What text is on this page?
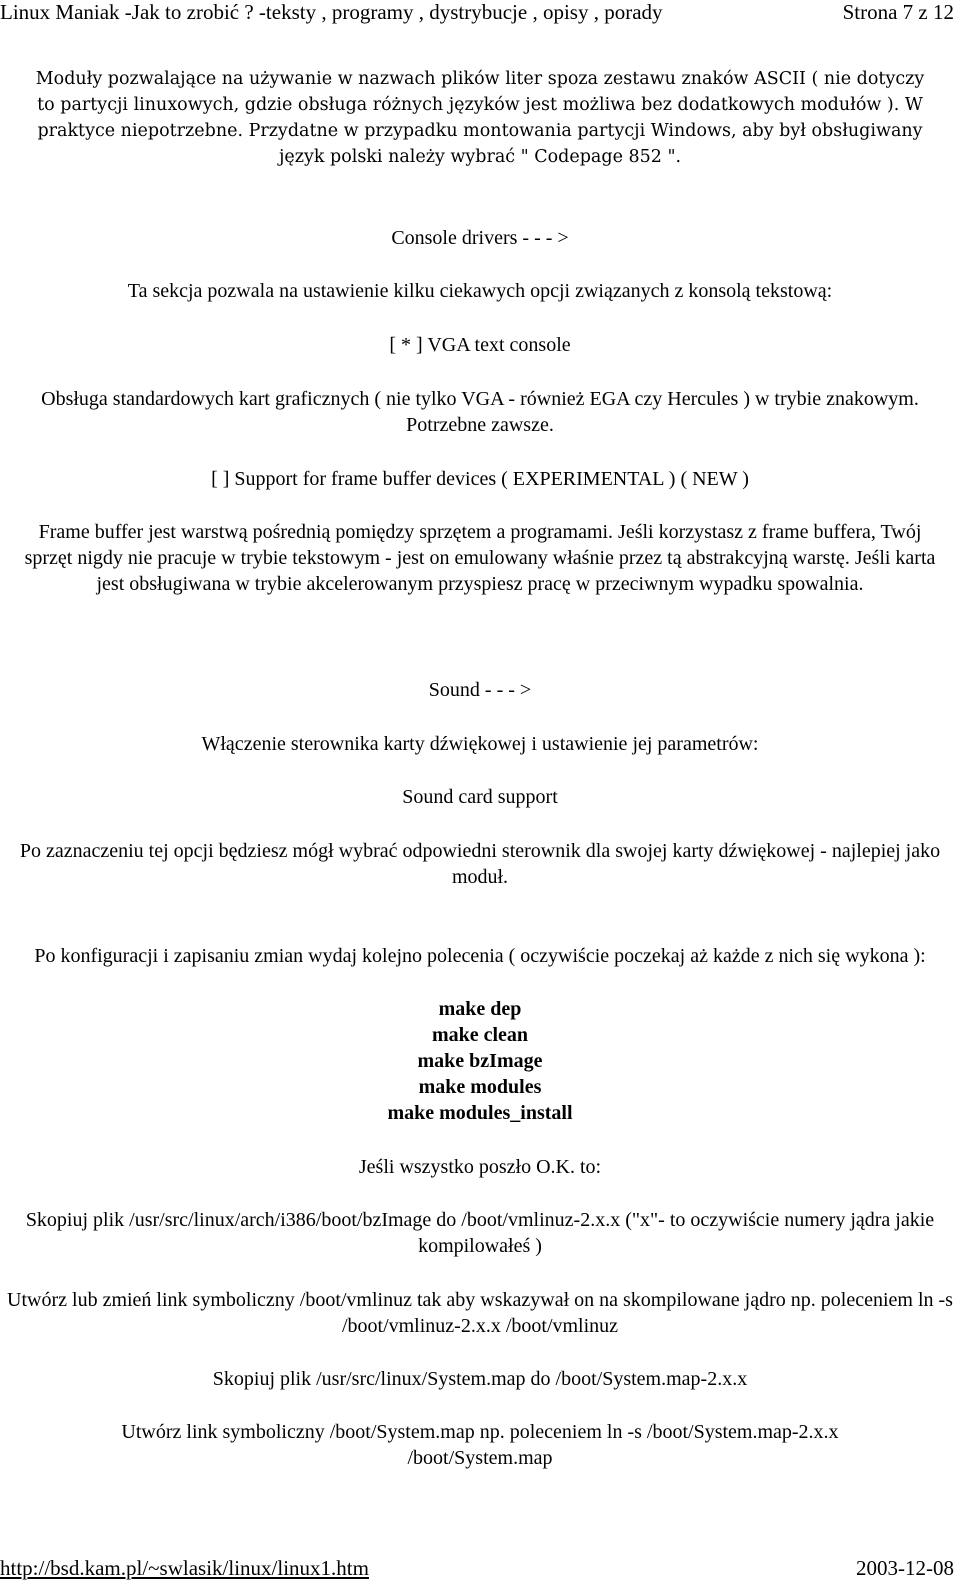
Linux Maniak -Jak to zrobić ? -teksty , programy , dystrybucje , opisy , porady	Strona 7 z 12

Moduły pozwalające na używanie w nazwach plików liter spoza zestawu znaków ASCII ( nie dotyczy to partycji linuxowych, gdzie obsługa różnych języków jest możliwa bez dodatkowych modułów ). W praktyce niepotrzebne. Przydatne w przypadku montowania partycji Windows, aby był obsługiwany język polski należy wybrać " Codepage 852 ".

Console drivers - - - >

Ta sekcja pozwala na ustawienie kilku ciekawych opcji związanych z konsolą tekstową:

[ * ] VGA text console

Obsługa standardowych kart graficznych ( nie tylko VGA - również EGA czy Hercules ) w trybie znakowym. Potrzebne zawsze.

[ ] Support for frame buffer devices ( EXPERIMENTAL ) ( NEW )

Frame buffer jest warstwą pośrednią pomiędzy sprzętem a programami. Jeśli korzystasz z frame buffera, Twój sprzęt nigdy nie pracuje w trybie tekstowym - jest on emulowany właśnie przez tą abstrakcyjną warstę. Jeśli karta jest obsługiwana w trybie akcelerowanym przyspiesz pracę w przeciwnym wypadku spowalnia.

Sound - - - >

Włączenie sterownika karty dźwiękowej i ustawienie jej parametrów:

Sound card support

Po zaznaczeniu tej opcji będziesz mógł wybrać odpowiedni sterownik dla swojej karty dźwiękowej - najlepiej jako moduł.

Po konfiguracji i zapisaniu zmian wydaj kolejno polecenia ( oczywiście poczekaj aż każde z nich się wykona ):

make dep

make clean

make bzImage

make modules

make modules_install

Jeśli wszystko poszło O.K. to:

Skopiuj plik /usr/src/linux/arch/i386/boot/bzImage do /boot/vmlinuz-2.x.x ("x"- to oczywiście numery jądra jakie kompilowałeś )

Utwórz lub zmień link symboliczny /boot/vmlinuz tak aby wskazywał on na skompilowane jądro np. poleceniem ln -s /boot/vmlinuz-2.x.x /boot/vmlinuz

Skopiuj plik /usr/src/linux/System.map do /boot/System.map-2.x.x

Utwórz link symboliczny /boot/System.map np. poleceniem ln -s /boot/System.map-2.x.x /boot/System.map

http://bsd.kam.pl/~swlasik/linux/linux1.htm	2003-12-08
